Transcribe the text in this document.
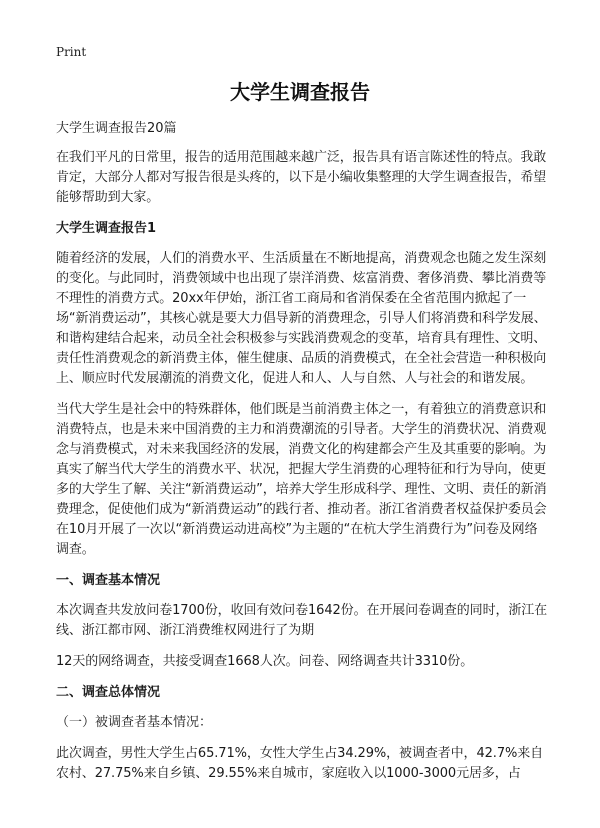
Print
大学生调查报告
大学生调查报告20篇

在我们平凡的日常里，报告的适用范围越来越广泛，报告具有语言陈述性的特点。我敢肯定，大部分人都对写报告很是头疼的，以下是小编收集整理的大学生调查报告，希望能够帮助到大家。

大学生调查报告1

随着经济的发展，人们的消费水平、生活质量在不断地提高，消费观念也随之发生深刻的变化。与此同时，消费领域中也出现了崇洋消费、炫富消费、奢侈消费、攀比消费等不理性的消费方式。20xx年伊始，浙江省工商局和省消保委在全省范围内掀起了一场“新消费运动”，其核心就是要大力倡导新的消费理念，引导人们将消费和科学发展、和谐构建结合起来，动员全社会积极参与实践消费观念的变革，培育具有理性、文明、责任性消费观念的新消费主体，催生健康、品质的消费模式，在全社会营造一种积极向上、顺应时代发展潮流的消费文化，促进人和人、人与自然、人与社会的和谐发展。

当代大学生是社会中的特殊群体，他们既是当前消费主体之一，有着独立的消费意识和消费特点，也是未来中国消费的主力和消费潮流的引导者。大学生的消费状况、消费观念与消费模式，对未来我国经济的发展，消费文化的构建都会产生及其重要的影响。为真实了解当代大学生的消费水平、状况，把握大学生消费的心理特征和行为导向，使更多的大学生了解、关注“新消费运动”，培养大学生形成科学、理性、文明、责任的新消费理念，促使他们成为“新消费运动”的践行者、推动者。浙江省消费者权益保护委员会在10月开展了一次以“新消费运动进高校”为主题的“在杭大学生消费行为”问卷及网络调查。

一、调查基本情况

本次调查共发放问卷1700份，收回有效问卷1642份。在开展问卷调查的同时，浙江在线、浙江都市网、浙江消费维权网进行了为期

12天的网络调查，共接受调查1668人次。问卷、网络调查共计3310份。

二、调查总体情况
（一）被调查者基本情况：

此次调查，男性大学生占65.71%，女性大学生占34.29%，被调查者中，42.7%来自农村、27.75%来自乡镇、29.55%来自城市，家庭收入以1000-3000元居多，占
